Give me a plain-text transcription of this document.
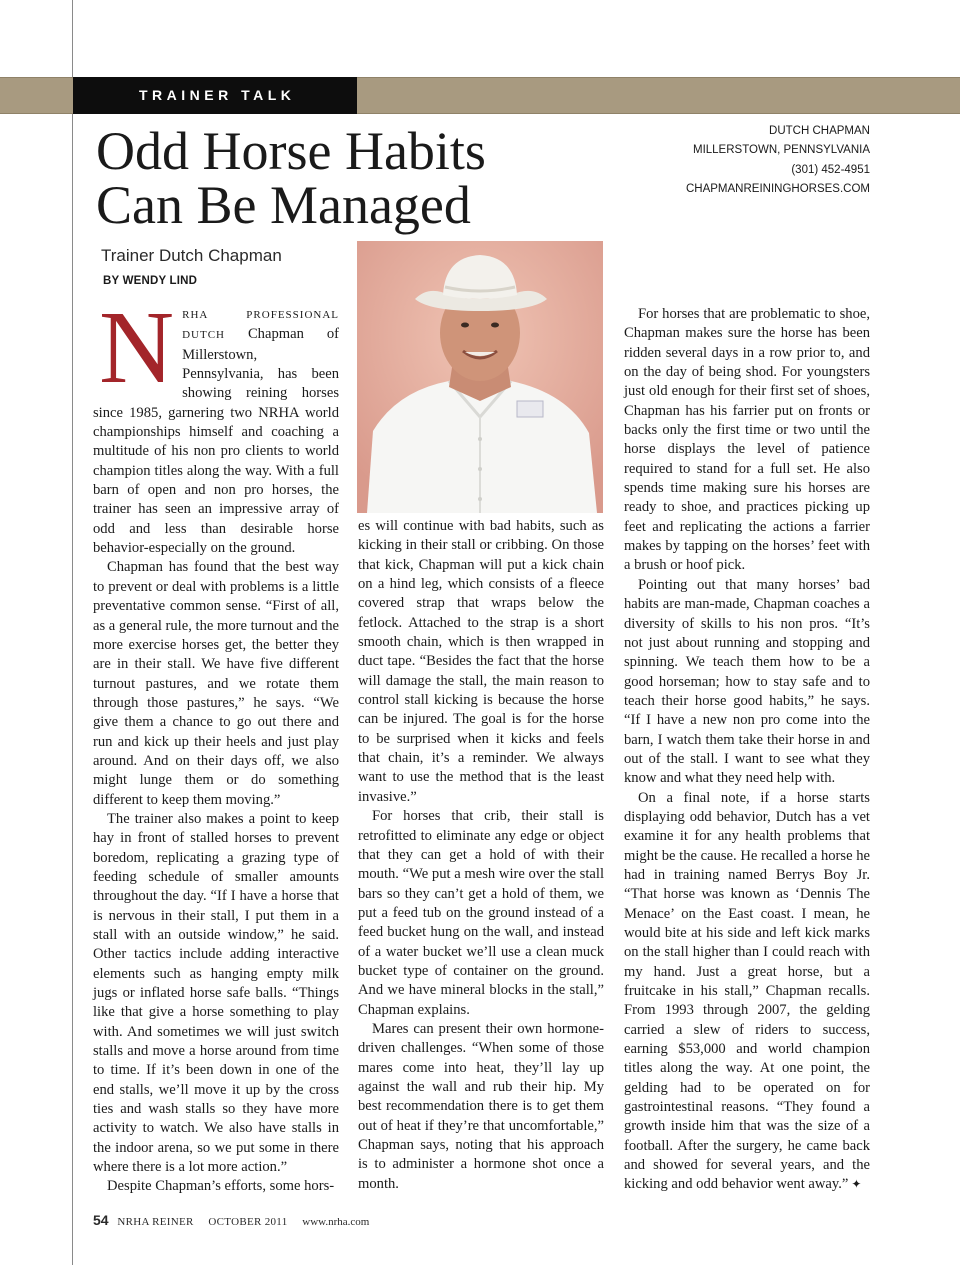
TRAINER TALK
Odd Horse Habits
Can Be Managed
DUTCH CHAPMAN
MILLERSTOWN, PENNSYLVANIA
(301) 452-4951
CHAPMANREININGHORSES.COM
Trainer Dutch Chapman
BY WENDY LIND

NRHA PROFESSIONAL DUTCH Chapman of Millerstown, Pennsylvania, has been showing reining horses since 1985, garnering two NRHA world championships himself and coaching a multitude of his non pro clients to world champion titles along the way. With a full barn of open and non pro horses, the trainer has seen an impressive array of odd and less than desirable horse behavior-especially on the ground.

Chapman has found that the best way to prevent or deal with problems is a little preventative common sense. “First of all, as a general rule, the more turnout and the more exercise horses get, the better they are in their stall. We have five different turnout pastures, and we rotate them through those pastures,” he says. “We give them a chance to go out there and run and kick up their heels and just play around. And on their days off, we also might lunge them or do something different to keep them moving.”

The trainer also makes a point to keep hay in front of stalled horses to prevent boredom, replicating a grazing type of feeding schedule of smaller amounts throughout the day. “If I have a horse that is nervous in their stall, I put them in a stall with an outside window,” he said. Other tactics include adding interactive elements such as hanging empty milk jugs or inflated horse safe balls. “Things like that give a horse something to play with. And sometimes we will just switch stalls and move a horse around from time to time. If it’s been down in one of the end stalls, we’ll move it up by the cross ties and wash stalls so they have more activity to watch. We also have stalls in the indoor arena, so we put some in there where there is a lot more action.”

Despite Chapman’s efforts, some hors-

es will continue with bad habits, such as kicking in their stall or cribbing. On those that kick, Chapman will put a kick chain on a hind leg, which consists of a fleece covered strap that wraps below the fetlock. Attached to the strap is a short smooth chain, which is then wrapped in duct tape. “Besides the fact that the horse will damage the stall, the main reason to control stall kicking is because the horse can be injured. The goal is for the horse to be surprised when it kicks and feels that chain, it’s a reminder. We always want to use the method that is the least invasive.”

For horses that crib, their stall is retrofitted to eliminate any edge or object that they can get a hold of with their mouth. “We put a mesh wire over the stall bars so they can’t get a hold of them, we put a feed tub on the ground instead of a feed bucket hung on the wall, and instead of a water bucket we’ll use a clean muck bucket type of container on the ground. And we have mineral blocks in the stall,” Chapman explains.

Mares can present their own hormone-driven challenges. “When some of those mares come into heat, they’ll lay up against the wall and rub their hip. My best recommendation there is to get them out of heat if they’re that uncomfortable,” Chapman says, noting that his approach is to administer a hormone shot once a month.

For horses that are problematic to shoe, Chapman makes sure the horse has been ridden several days in a row prior to, and on the day of being shod. For youngsters just old enough for their first set of shoes, Chapman has his farrier put on fronts or backs only the first time or two until the horse displays the level of patience required to stand for a full set. He also spends time making sure his horses are ready to shoe, and practices picking up feet and replicating the actions a farrier makes by tapping on the horses’ feet with a brush or hoof pick.

Pointing out that many horses’ bad habits are man-made, Chapman coaches a diversity of skills to his non pros. “It’s not just about running and stopping and spinning. We teach them how to be a good horseman; how to stay safe and to teach their horse good habits,” he says. “If I have a new non pro come into the barn, I watch them take their horse in and out of the stall. I want to see what they know and what they need help with.

On a final note, if a horse starts displaying odd behavior, Dutch has a vet examine it for any health problems that might be the cause. He recalled a horse he had in training named Berrys Boy Jr. “That horse was known as ‘Dennis The Menace’ on the East coast. I mean, he would bite at his side and left kick marks on the stall higher than I could reach with my hand. Just a great horse, but a fruitcake in his stall,” Chapman recalls. From 1993 through 2007, the gelding carried a slew of riders to success, earning $53,000 and world champion titles along the way. At one point, the gelding had to be operated on for gastrointestinal reasons. “They found a growth inside him that was the size of a football. After the surgery, he came back and showed for several years, and the kicking and odd behavior went away.” ✦

54 NRHA REINER OCTOBER 2011 www.nrha.com
